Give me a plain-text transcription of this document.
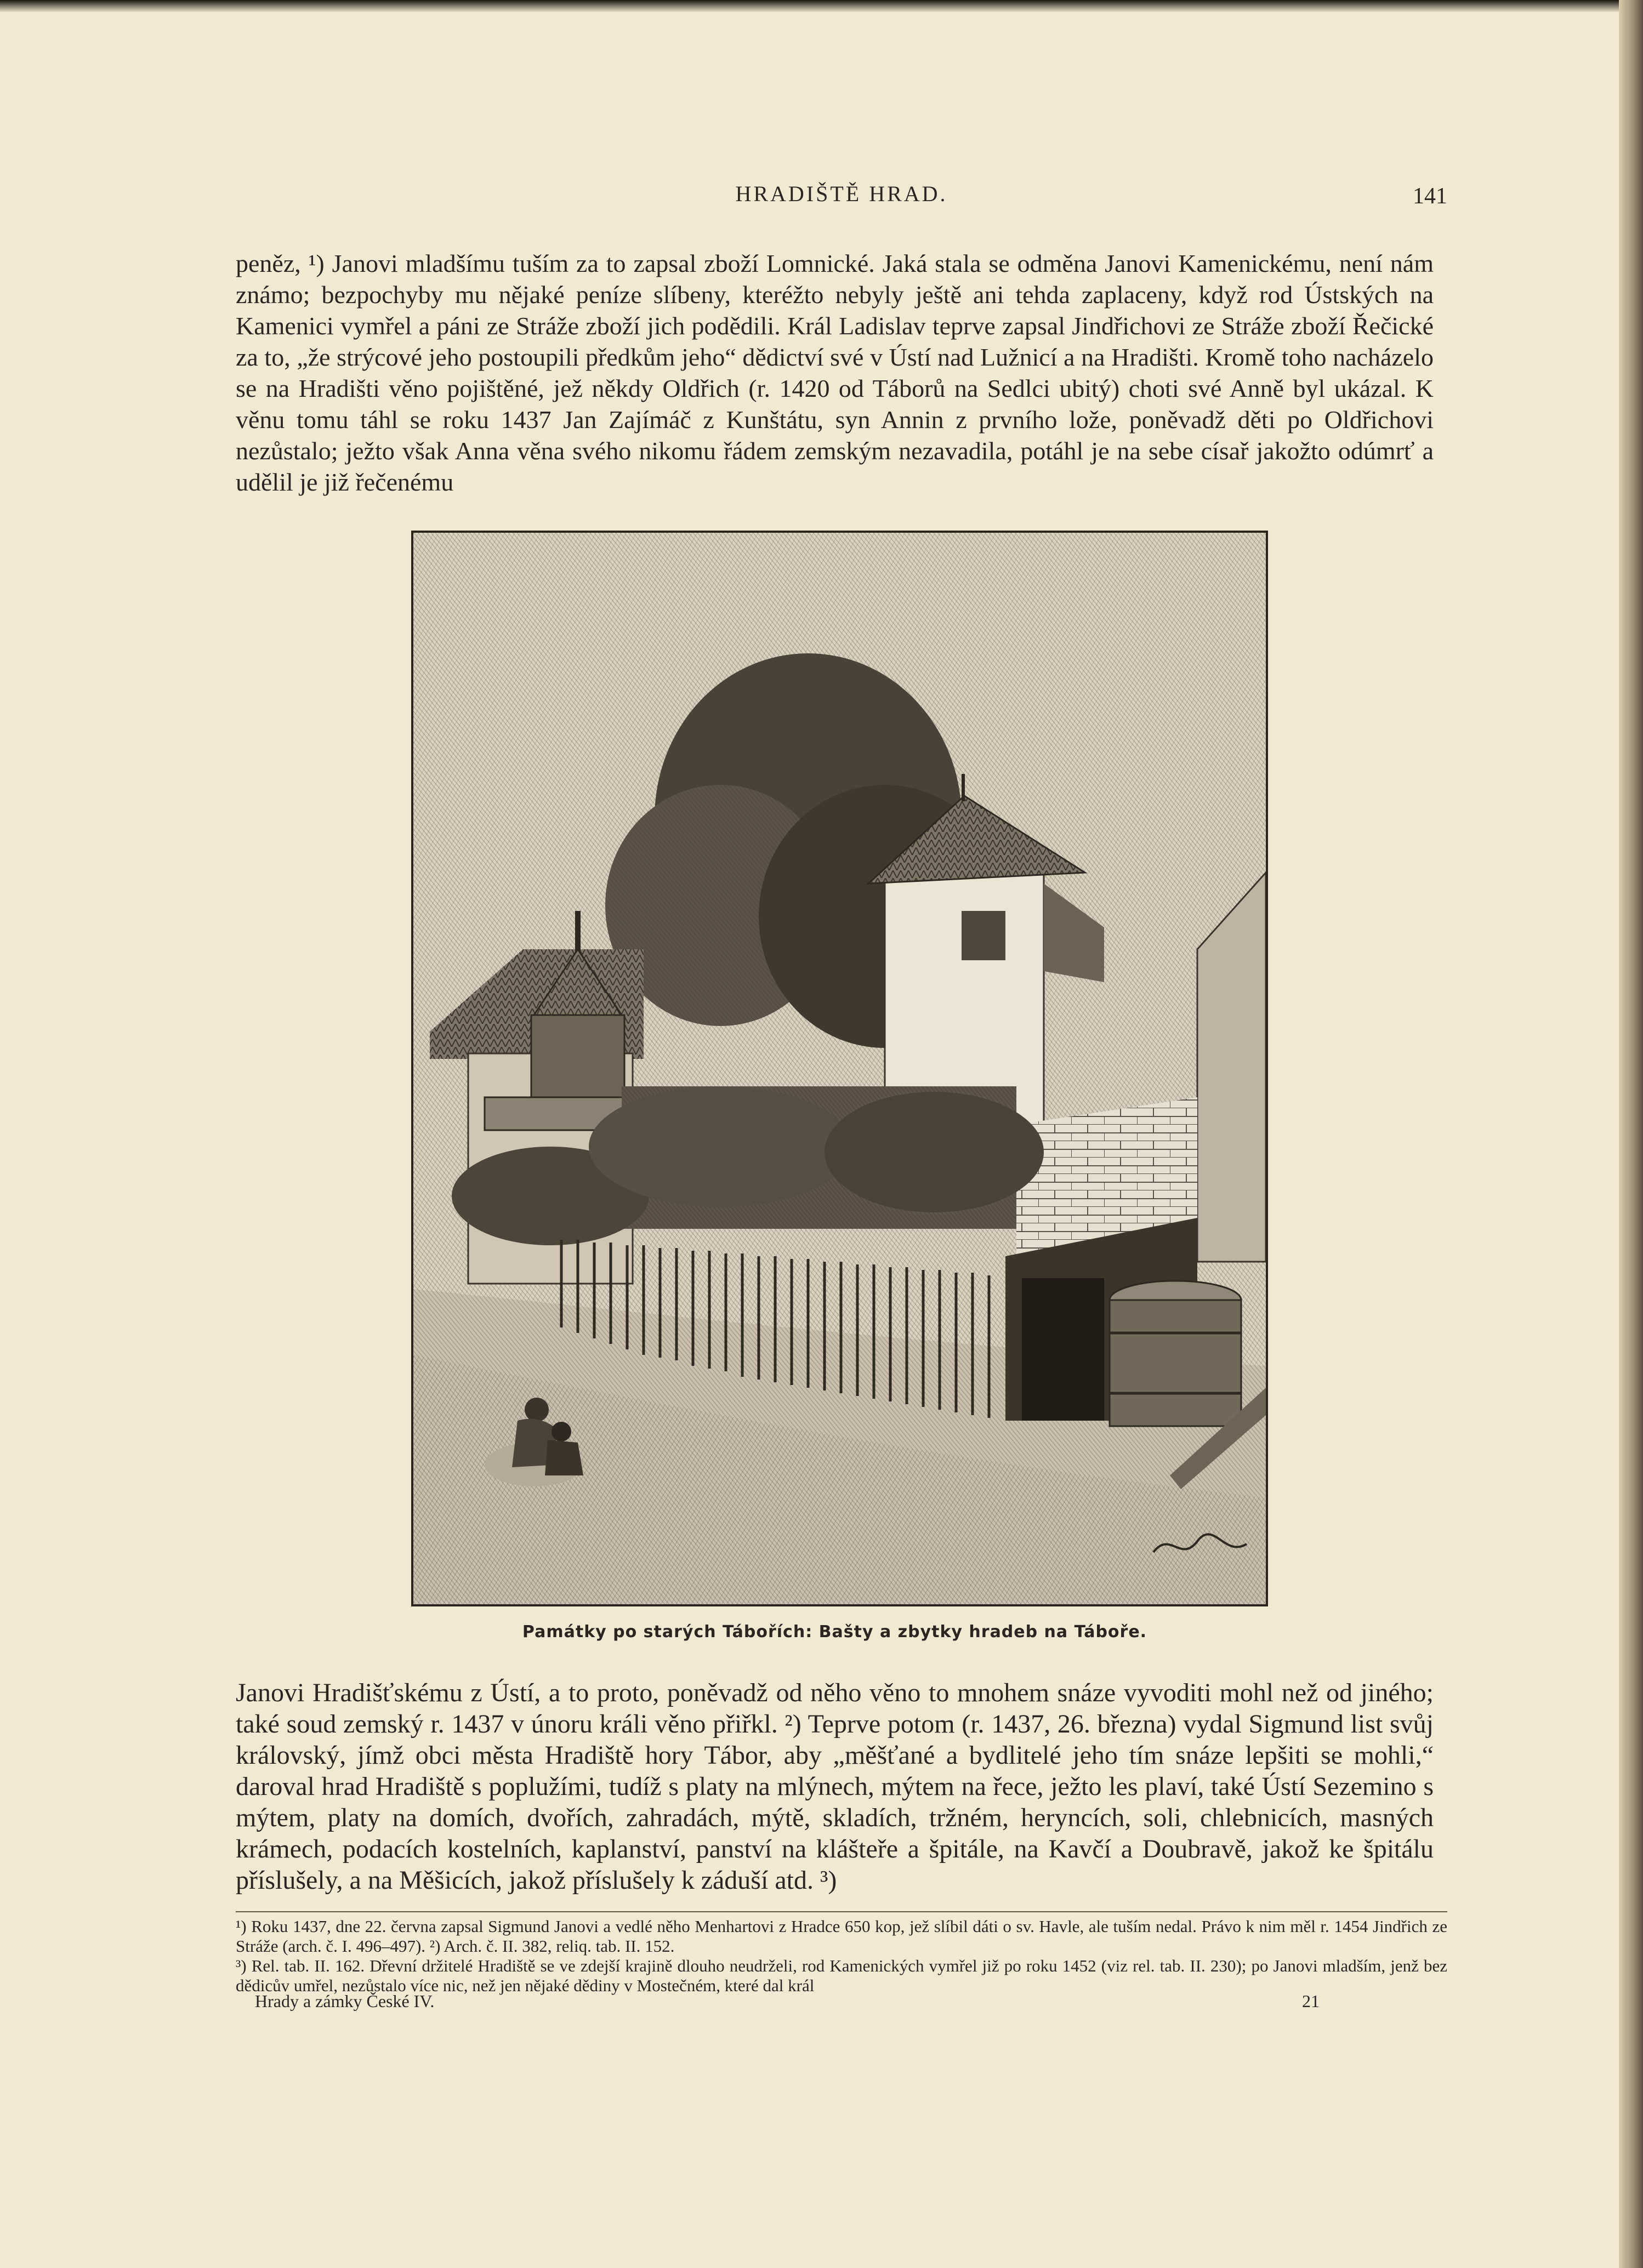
HRADIŠTĚ HRAD.	141

peněz, ¹) Janovi mladšímu tuším za to zapsal zboží Lomnické. Jaká stala se odměna Janovi Kamenickému, není nám známo; bezpochyby mu nějaké peníze slíbeny, kteréžto nebyly ještě ani tehda zaplaceny, když rod Ústských na Kamenici vymřel a páni ze Stráže zboží jich podědili. Král Ladislav teprve zapsal Jindřichovi ze Stráže zboží Řečické za to, „že strýcové jeho postoupili předkům jeho“ dědictví své v Ústí nad Lužnicí a na Hradišti. Kromě toho nacházelo se na Hradišti věno pojištěné, jež někdy Oldřich (r. 1420 od Táborů na Sedlci ubitý) choti své Anně byl ukázal. K věnu tomu táhl se roku 1437 Jan Zajímáč z Kunštátu, syn Annin z prvního lože, poněvadž děti po Oldřichovi nezůstalo; ježto však Anna věna svého nikomu řádem zemským nezavadila, potáhl je na sebe císař jakožto odúmrť a udělil je již řečenému

Památky po starých Tábořích: Bašty a zbytky hradeb na Táboře.

Janovi Hradišťskému z Ústí, a to proto, poněvadž od něho věno to mnohem snáze vyvoditi mohl než od jiného; také soud zemský r. 1437 v únoru králi věno přiřkl. ²) Teprve potom (r. 1437, 26. března) vydal Sigmund list svůj královský, jímž obci města Hradiště hory Tábor, aby „měšťané a bydlitelé jeho tím snáze lepšiti se mohli,“ daroval hrad Hradiště s poplužími, tudíž s platy na mlýnech, mýtem na řece, ježto les plaví, také Ústí Sezemino s mýtem, platy na domích, dvořích, zahradách, mýtě, skladích, tržném, heryncích, soli, chlebnicích, masných krámech, podacích kostelních, kaplanství, panství na klášteře a špitále, na Kavčí a Doubravě, jakož ke špitálu příslušely, a na Měšicích, jakož příslušely k záduší atd. ³)

¹) Roku 1437, dne 22. června zapsal Sigmund Janovi a vedlé něho Menhartovi z Hradce 650 kop, jež slíbil dáti o sv. Havle, ale tuším nedal. Právo k nim měl r. 1454 Jindřich ze Stráže (arch. č. I. 496–497). ²) Arch. č. II. 382, reliq. tab. II. 152.

³) Rel. tab. II. 162. Dřevní držitelé Hradiště se ve zdejší krajině dlouho neudrželi, rod Kamenických vymřel již po roku 1452 (viz rel. tab. II. 230); po Janovi mladším, jenž bez dědicův umřel, nezůstalo více nic, než jen nějaké dědiny v Mostečném, které dal král

Hrady a zámky České IV.	21
